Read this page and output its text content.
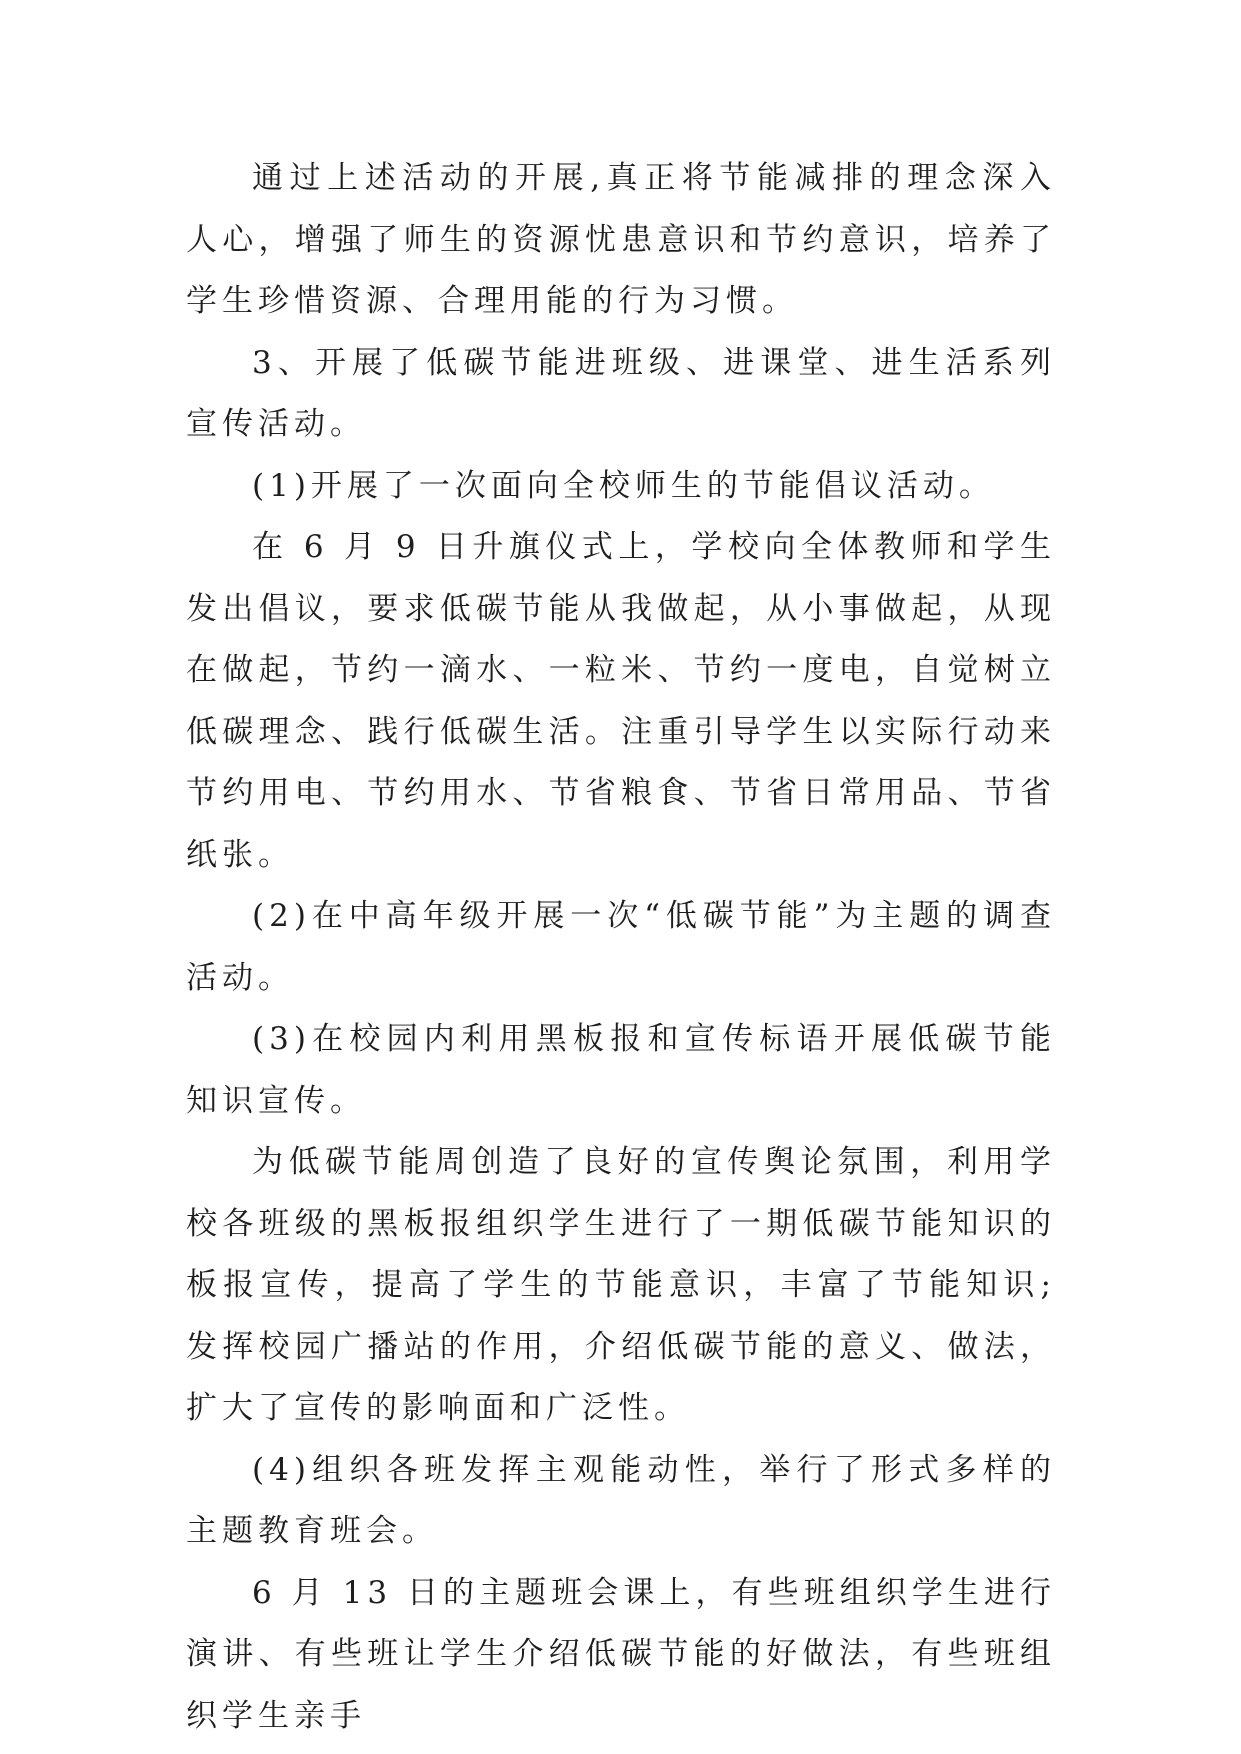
通过上述活动的开展,真正将节能减排的理念深入人心，增强了师生的资源忧患意识和节约意识，培养了学生珍惜资源、合理用能的行为习惯。

3、开展了低碳节能进班级、进课堂、进生活系列宣传活动。

(1)开展了一次面向全校师生的节能倡议活动。

在 6 月 9 日升旗仪式上，学校向全体教师和学生发出倡议，要求低碳节能从我做起，从小事做起，从现在做起，节约一滴水、一粒米、节约一度电，自觉树立低碳理念、践行低碳生活。注重引导学生以实际行动来节约用电、节约用水、节省粮食、节省日常用品、节省纸张。

(2)在中高年级开展一次“低碳节能”为主题的调查活动。

(3)在校园内利用黑板报和宣传标语开展低碳节能知识宣传。

为低碳节能周创造了良好的宣传舆论氛围，利用学校各班级的黑板报组织学生进行了一期低碳节能知识的板报宣传，提高了学生的节能意识，丰富了节能知识;发挥校园广播站的作用，介绍低碳节能的意义、做法，扩大了宣传的影响面和广泛性。

(4)组织各班发挥主观能动性，举行了形式多样的主题教育班会。

6 月 13 日的主题班会课上，有些班组织学生进行演讲、有些班让学生介绍低碳节能的好做法，有些班组织学生亲手
